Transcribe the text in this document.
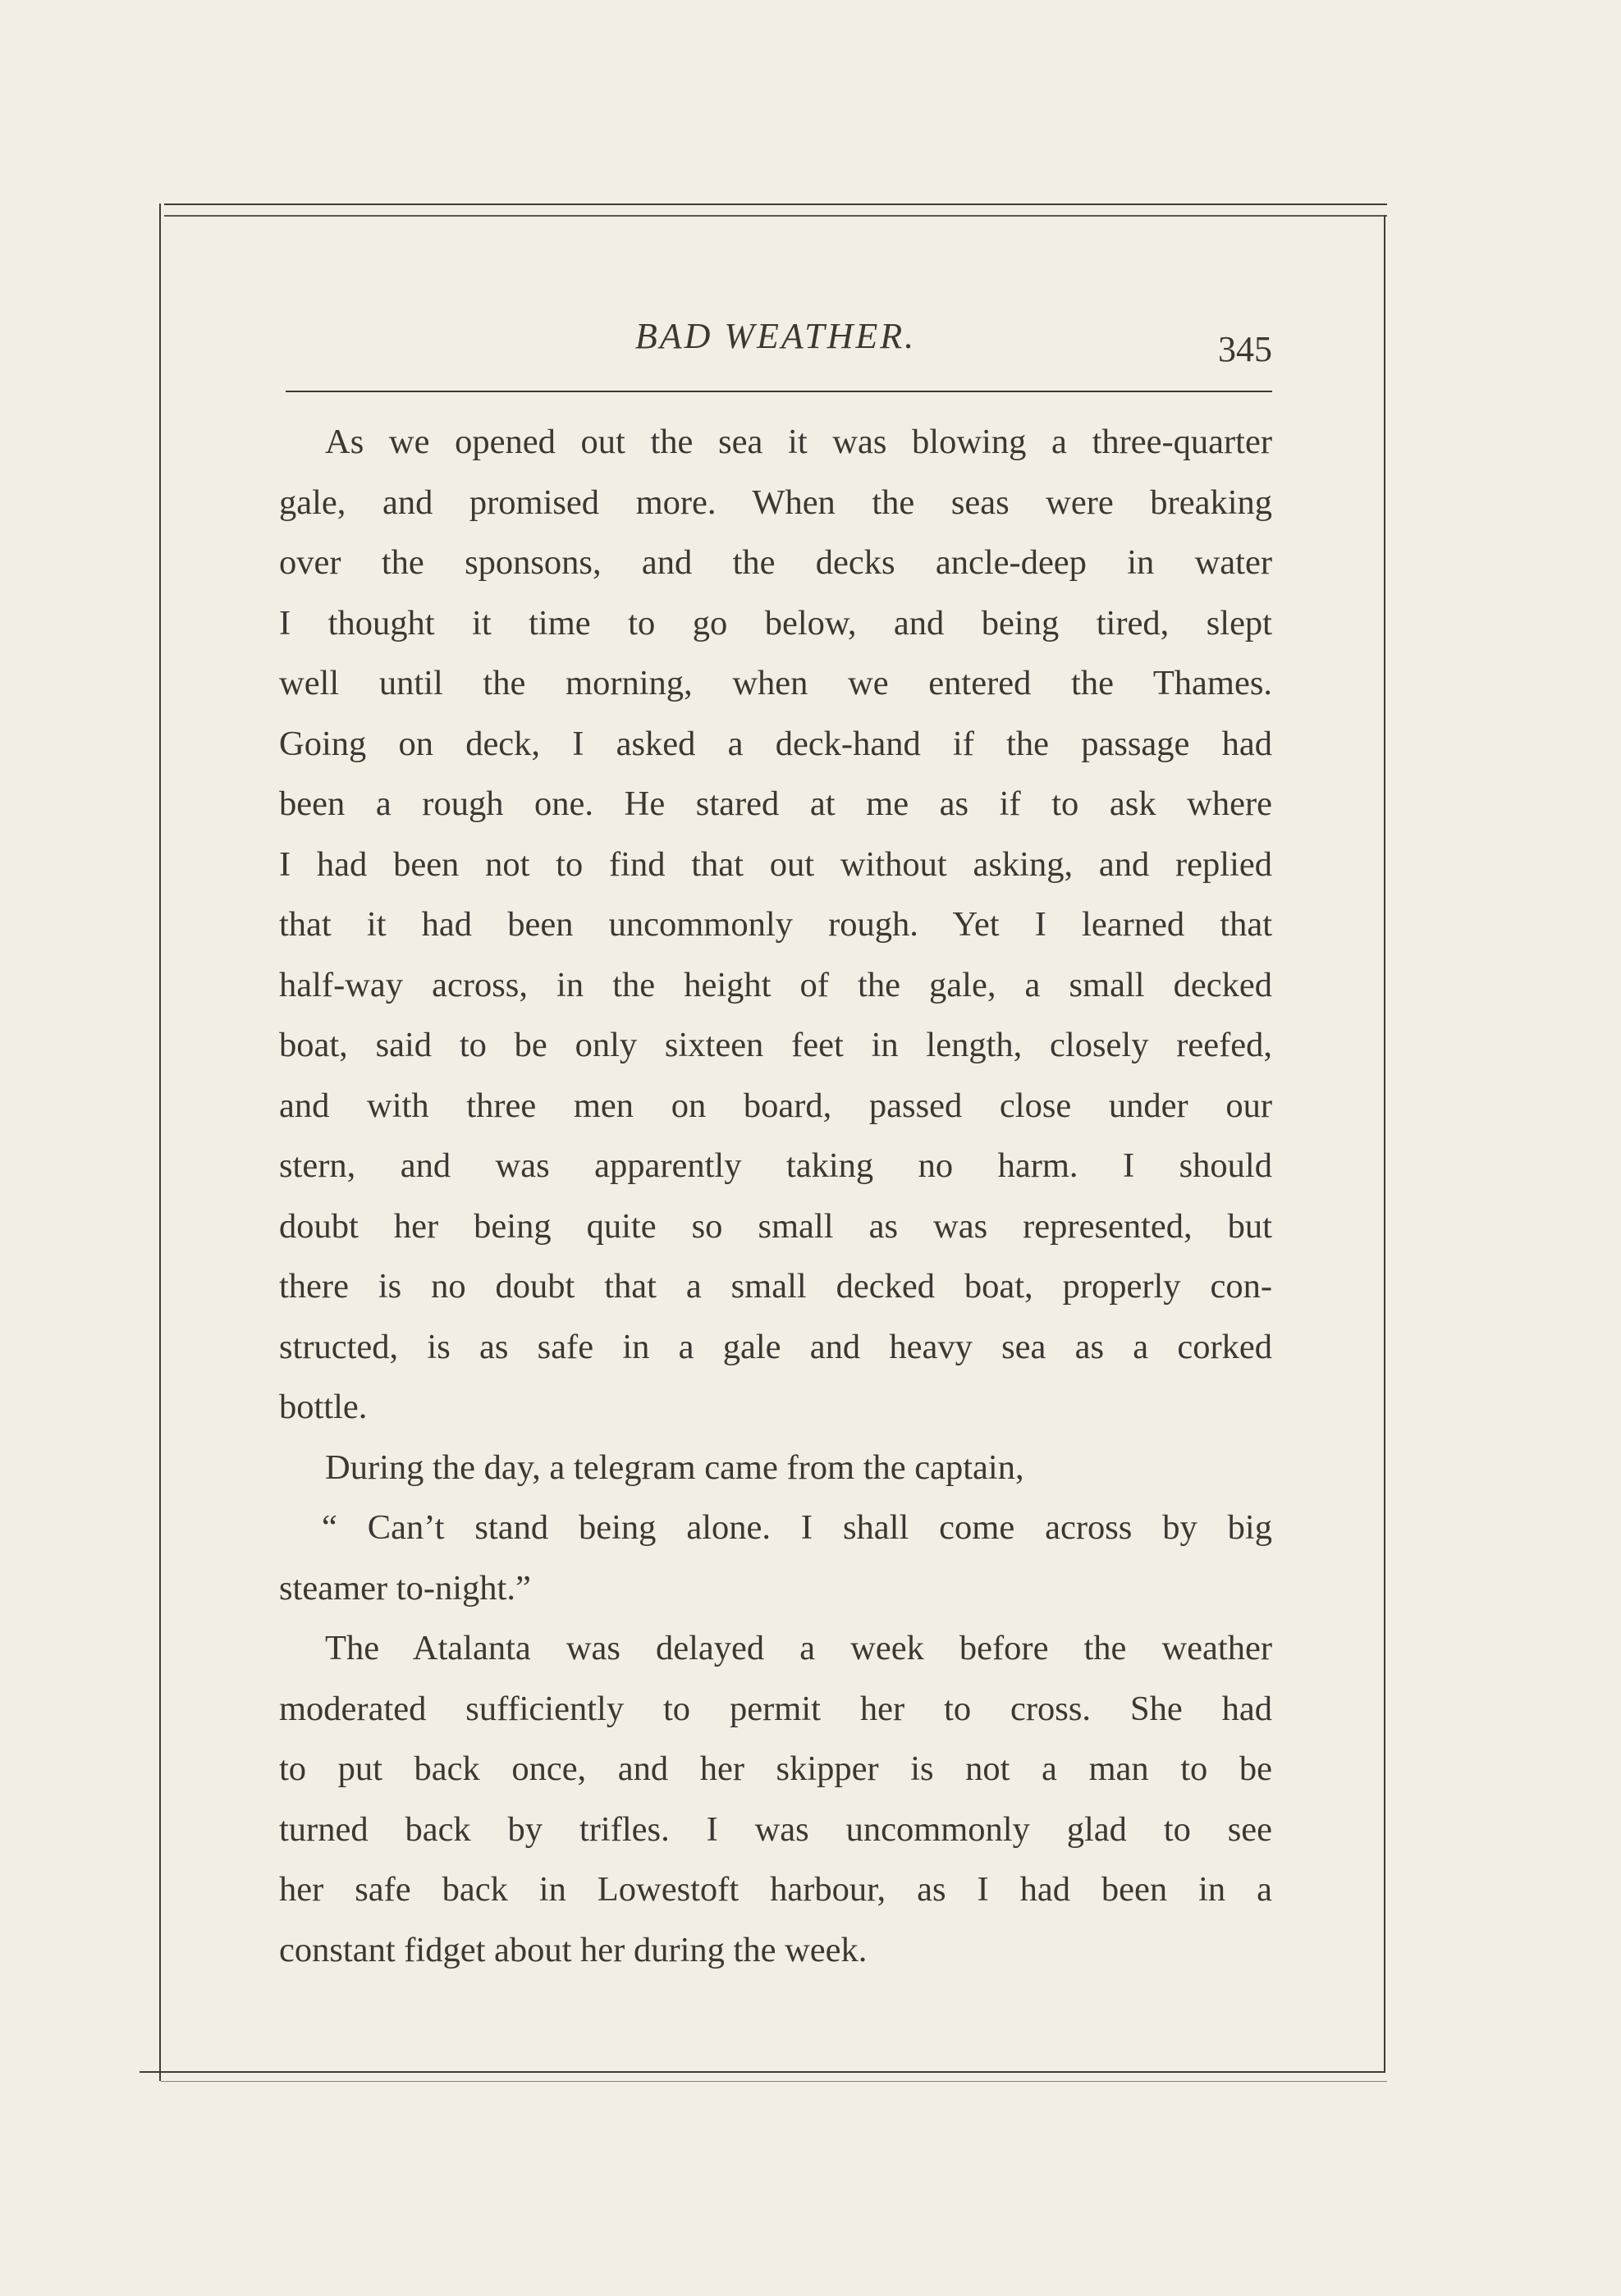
BAD WEATHER.	345
As we opened out the sea it was blowing a three-quarter
gale, and promised more. When the seas were breaking
over the sponsons, and the decks ancle-deep in water
I thought it time to go below, and being tired, slept
well until the morning, when we entered the Thames.
Going on deck, I asked a deck-hand if the passage had
been a rough one. He stared at me as if to ask where
I had been not to find that out without asking, and replied
that it had been uncommonly rough. Yet I learned that
half-way across, in the height of the gale, a small decked
boat, said to be only sixteen feet in length, closely reefed,
and with three men on board, passed close under our
stern, and was apparently taking no harm. I should
doubt her being quite so small as was represented, but
there is no doubt that a small decked boat, properly con-
structed, is as safe in a gale and heavy sea as a corked
bottle.
During the day, a telegram came from the captain,
“ Can’t stand being alone. I shall come across by big
steamer to-night.”
The Atalanta was delayed a week before the weather
moderated sufficiently to permit her to cross. She had
to put back once, and her skipper is not a man to be
turned back by trifles. I was uncommonly glad to see
her safe back in Lowestoft harbour, as I had been in a
constant fidget about her during the week.
